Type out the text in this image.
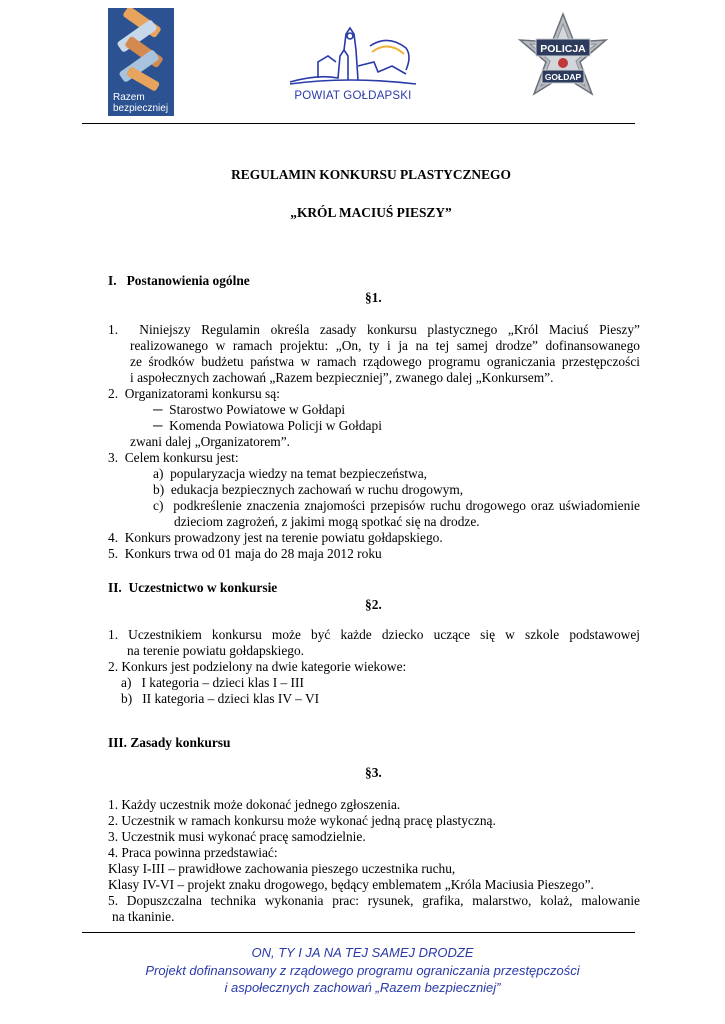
Razem
bezpieczniej
POWIAT GOŁDAPSKI
POLICJA
GOŁDAP
REGULAMIN KONKURSU PLASTYCZNEGO
„KRÓL MACIUŚ PIESZY”
I.   Postanowienia ogólne
§1.
1.  Niniejszy Regulamin określa zasady konkursu plastycznego „Król Maciuś Pieszy”
realizowanego w ramach projektu: „On, ty i ja na tej samej drodze” dofinansowanego
ze środków budżetu państwa w ramach rządowego programu ograniczania przestępczości
i aspołecznych zachowań „Razem bezpieczniej”, zwanego dalej „Konkursem”.
2.  Organizatorami konkursu są:
─  Starostwo Powiatowe w Gołdapi
─  Komenda Powiatowa Policji w Gołdapi
zwani dalej „Organizatorem”.
3.  Celem konkursu jest:
a)  popularyzacja wiedzy na temat bezpieczeństwa,
b)  edukacja bezpiecznych zachowań w ruchu drogowym,
c)  podkreślenie znaczenia znajomości przepisów ruchu drogowego oraz uświadomienie
dzieciom zagrożeń, z jakimi mogą spotkać się na drodze.
4.  Konkurs prowadzony jest na terenie powiatu gołdapskiego.
5.  Konkurs trwa od 01 maja do 28 maja 2012 roku
II.  Uczestnictwo w konkursie
§2.
1. Uczestnikiem konkursu może być każde dziecko uczące się w szkole podstawowej
na terenie powiatu gołdapskiego.
2. Konkurs jest podzielony na dwie kategorie wiekowe:
a)   I kategoria – dzieci klas I – III
b)   II kategoria – dzieci klas IV – VI
III. Zasady konkursu
§3.
1. Każdy uczestnik może dokonać jednego zgłoszenia.
2. Uczestnik w ramach konkursu może wykonać jedną pracę plastyczną.
3. Uczestnik musi wykonać pracę samodzielnie.
4. Praca powinna przedstawiać:
Klasy I-III – prawidłowe zachowania pieszego uczestnika ruchu,
Klasy IV-VI – projekt znaku drogowego, będący emblematem „Króla Maciusia Pieszego”.
5. Dopuszczalna technika wykonania prac: rysunek, grafika, malarstwo, kolaż, malowanie
na tkaninie.
ON, TY I JA NA TEJ SAMEJ DRODZE
Projekt dofinansowany z rządowego programu ograniczania przestępczości
i aspołecznych zachowań „Razem bezpieczniej”
